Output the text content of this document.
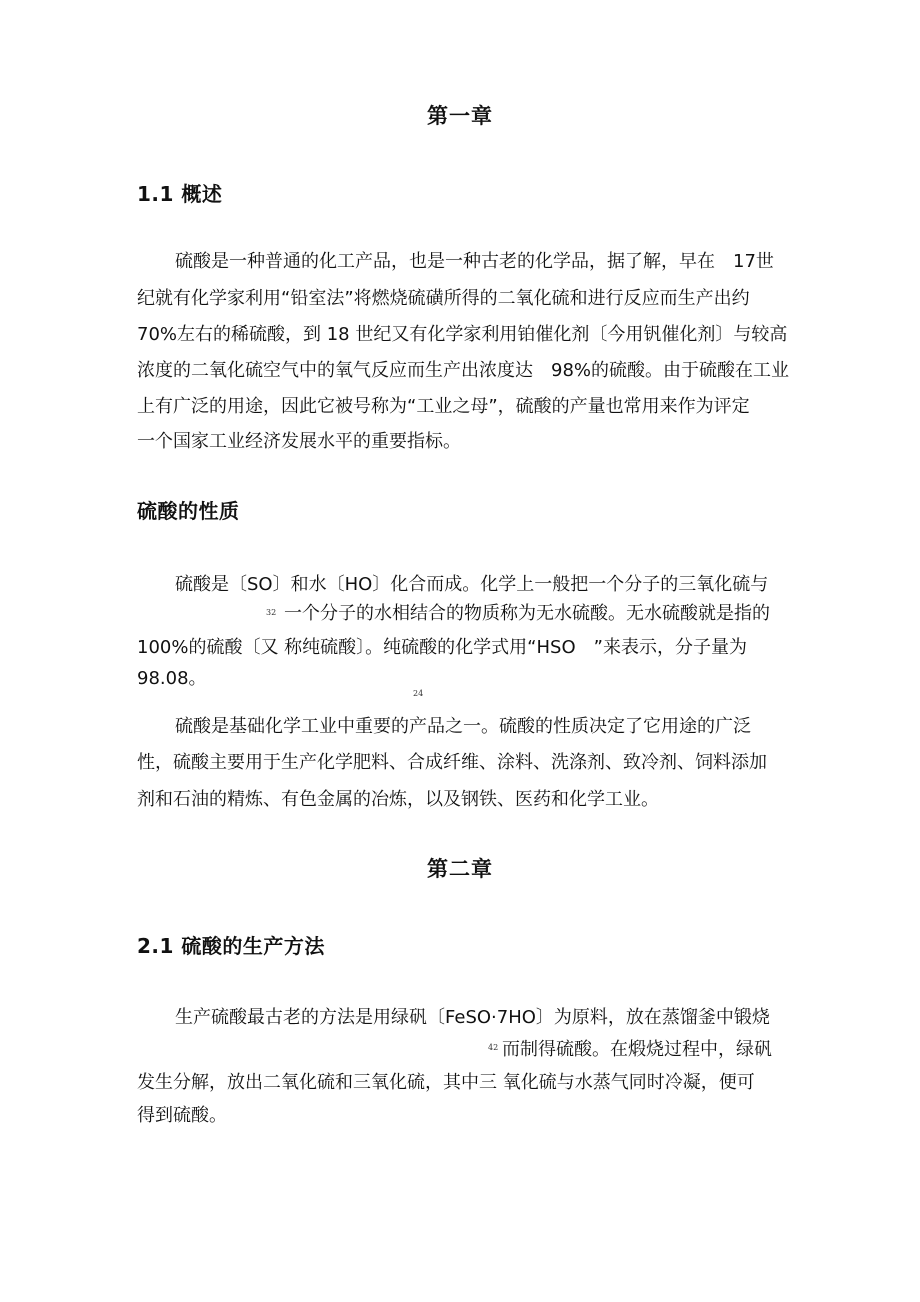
第一章
1.1 概述
硫酸是一种普通的化工产品，也是一种古老的化学品，据了解，早在　17世
纪就有化学家利用“铅室法”将燃烧硫磺所得的二氧化硫和进行反应而生产出约
70%左右的稀硫酸，到 18 世纪又有化学家利用铂催化剂〔今用钒催化剂〕与较高
浓度的二氧化硫空气中的氧气反应而生产出浓度达　98%的硫酸。由于硫酸在工业
上有广泛的用途，因此它被号称为“工业之母”，硫酸的产量也常用来作为评定
一个国家工业经济发展水平的重要指标。
硫酸的性质
硫酸是〔SO〕和水〔HO〕化合而成。化学上一般把一个分子的三氧化硫与
32 一个分子的水相结合的物质称为无水硫酸。无水硫酸就是指的
100%的硫酸〔又 称纯硫酸〕。纯硫酸的化学式用“HSO　”来表示，分子量为
98.08。
24
硫酸是基础化学工业中重要的产品之一。硫酸的性质决定了它用途的广泛
性，硫酸主要用于生产化学肥料、合成纤维、涂料、洗涤剂、致冷剂、饲料添加
剂和石油的精炼、有色金属的冶炼，以及钢铁、医药和化学工业。
第二章
2.1 硫酸的生产方法
生产硫酸最古老的方法是用绿矾〔FeSO·7HO〕为原料，放在蒸馏釜中锻烧
42 而制得硫酸。在煅烧过程中，绿矾
发生分解，放出二氧化硫和三氧化硫，其中三 氧化硫与水蒸气同时冷凝，便可
得到硫酸。
